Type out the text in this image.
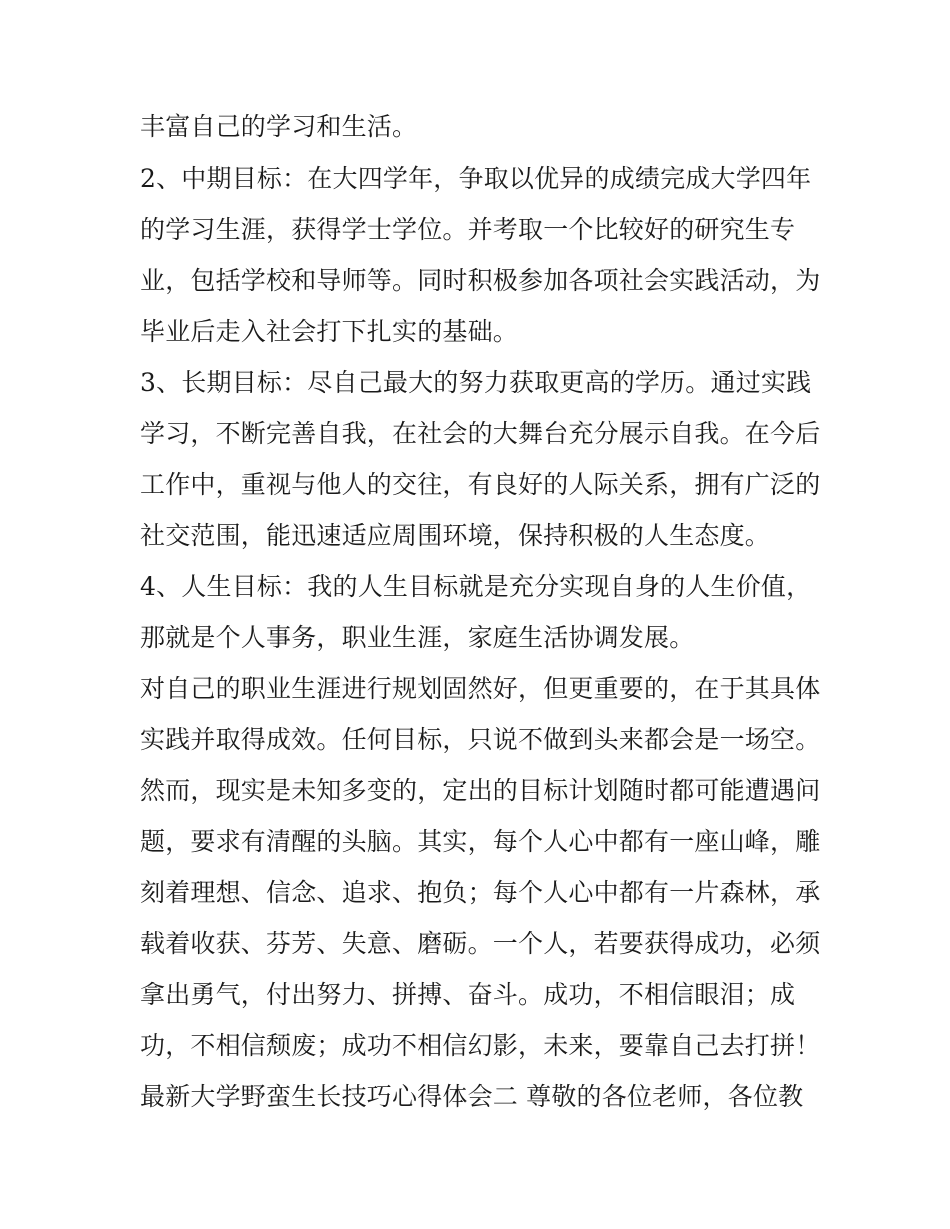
丰富自己的学习和生活。
2、中期目标：在大四学年，争取以优异的成绩完成大学四年
的学习生涯，获得学士学位。并考取一个比较好的研究生专
业，包括学校和导师等。同时积极参加各项社会实践活动，为
毕业后走入社会打下扎实的基础。
3、长期目标：尽自己最大的努力获取更高的学历。通过实践
学习，不断完善自我，在社会的大舞台充分展示自我。在今后
工作中，重视与他人的交往，有良好的人际关系，拥有广泛的
社交范围，能迅速适应周围环境，保持积极的人生态度。
4、人生目标：我的人生目标就是充分实现自身的人生价值，
那就是个人事务，职业生涯，家庭生活协调发展。
对自己的职业生涯进行规划固然好，但更重要的，在于其具体
实践并取得成效。任何目标，只说不做到头来都会是一场空。
然而，现实是未知多变的，定出的目标计划随时都可能遭遇问
题，要求有清醒的头脑。其实，每个人心中都有一座山峰，雕
刻着理想、信念、追求、抱负；每个人心中都有一片森林，承
载着收获、芬芳、失意、磨砺。一个人，若要获得成功，必须
拿出勇气，付出努力、拼搏、奋斗。成功，不相信眼泪；成
功，不相信颓废；成功不相信幻影，未来，要靠自己去打拼！
最新大学野蛮生长技巧心得体会二 尊敬的各位老师，各位教
